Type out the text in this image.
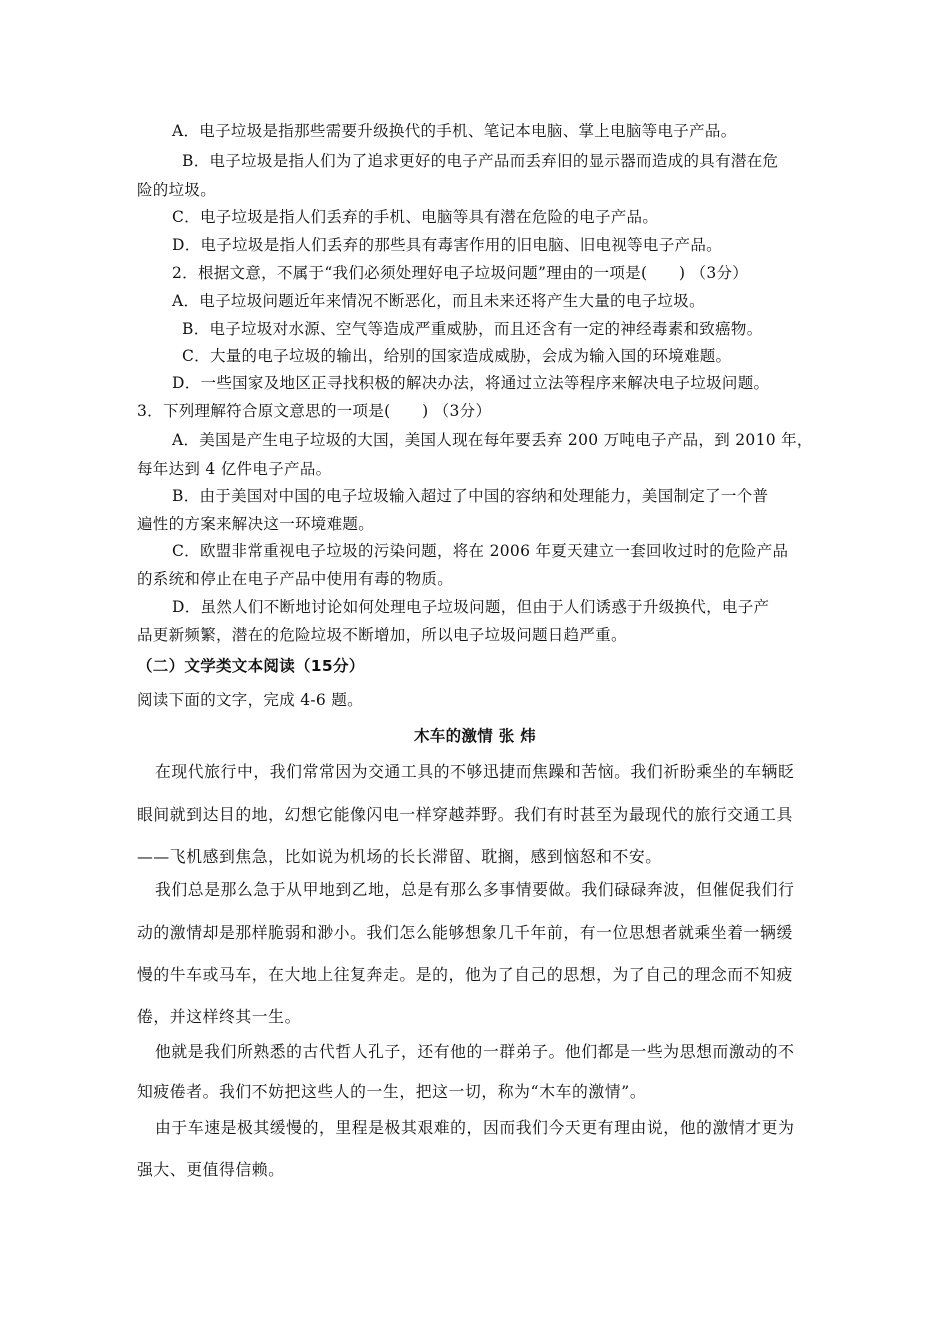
A．电子垃圾是指那些需要升级换代的手机、笔记本电脑、掌上电脑等电子产品。

B．电子垃圾是指人们为了追求更好的电子产品而丢弃旧的显示器而造成的具有潜在危

险的垃圾。

C．电子垃圾是指人们丢弃的手机、电脑等具有潜在危险的电子产品。

D．电子垃圾是指人们丢弃的那些具有毒害作用的旧电脑、旧电视等电子产品。

2．根据文意，不属于“我们必须处理好电子垃圾问题”理由的一项是(　　) （3分）

A．电子垃圾问题近年来情况不断恶化，而且未来还将产生大量的电子垃圾。

B．电子垃圾对水源、空气等造成严重威胁，而且还含有一定的神经毒素和致癌物。

C．大量的电子垃圾的输出，给别的国家造成威胁，会成为输入国的环境难题。

D．一些国家及地区正寻找积极的解决办法，将通过立法等程序来解决电子垃圾问题。

3．下列理解符合原文意思的一项是(　　) （3分）

A．美国是产生电子垃圾的大国，美国人现在每年要丢弃 200 万吨电子产品，到 2010 年，

每年达到 4 亿件电子产品。

B．由于美国对中国的电子垃圾输入超过了中国的容纳和处理能力，美国制定了一个普

遍性的方案来解决这一环境难题。

C．欧盟非常重视电子垃圾的污染问题，将在 2006 年夏天建立一套回收过时的危险产品

的系统和停止在电子产品中使用有毒的物质。

D．虽然人们不断地讨论如何处理电子垃圾问题，但由于人们诱惑于升级换代，电子产

品更新频繁，潜在的危险垃圾不断增加，所以电子垃圾问题日趋严重。

（二）文学类文本阅读（15分）

阅读下面的文字，完成 4-6 题。

木车的激情 张 炜

在现代旅行中，我们常常因为交通工具的不够迅捷而焦躁和苦恼。我们祈盼乘坐的车辆眨

眼间就到达目的地，幻想它能像闪电一样穿越莽野。我们有时甚至为最现代的旅行交通工具

——飞机感到焦急，比如说为机场的长长滞留、耽搁，感到恼怒和不安。

我们总是那么急于从甲地到乙地，总是有那么多事情要做。我们碌碌奔波，但催促我们行

动的激情却是那样脆弱和渺小。我们怎么能够想象几千年前，有一位思想者就乘坐着一辆缓

慢的牛车或马车，在大地上往复奔走。是的，他为了自己的思想，为了自己的理念而不知疲

倦，并这样终其一生。

他就是我们所熟悉的古代哲人孔子，还有他的一群弟子。他们都是一些为思想而激动的不

知疲倦者。我们不妨把这些人的一生，把这一切，称为“木车的激情”。

由于车速是极其缓慢的，里程是极其艰难的，因而我们今天更有理由说，他的激情才更为

强大、更值得信赖。
